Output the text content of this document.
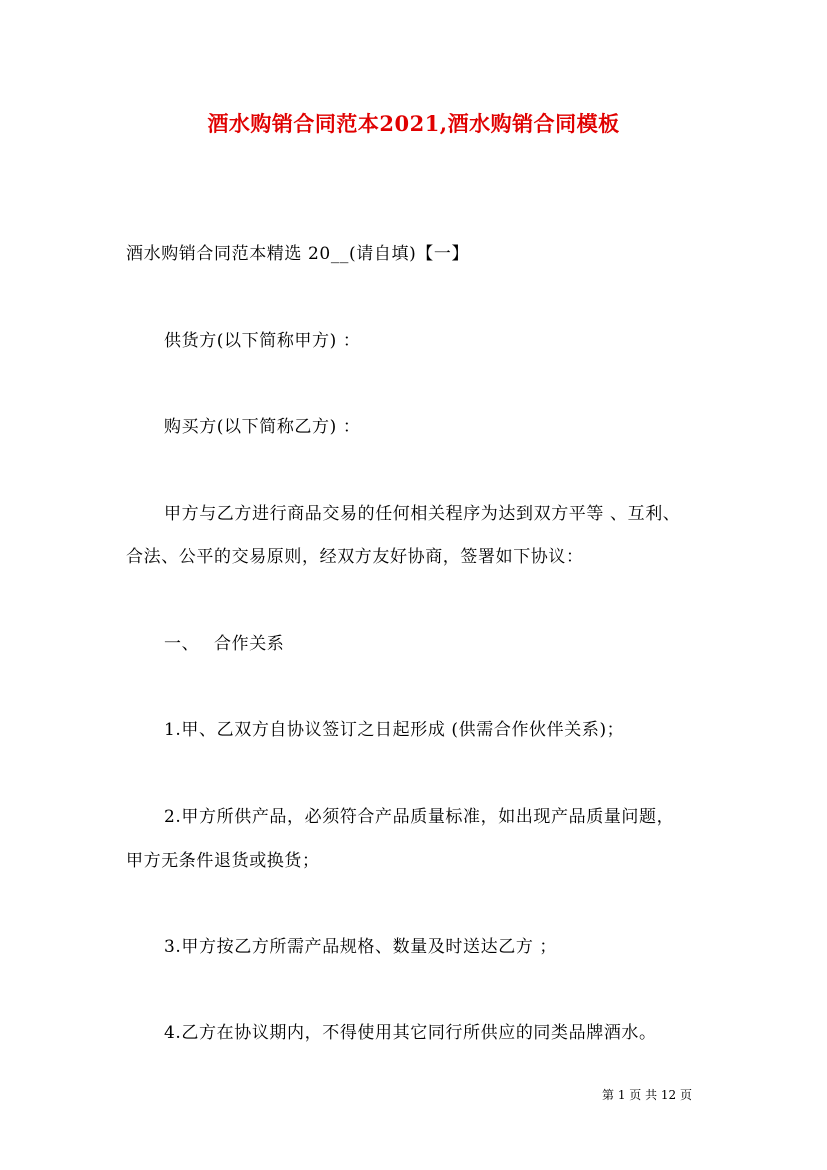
酒水购销合同范本2021,酒水购销合同模板
酒水购销合同范本精选 20__(请自填)【一】
供货方(以下简称甲方) ：
购买方(以下简称乙方) ：
甲方与乙方进行商品交易的任何相关程序为达到双方平等 、互利、
合法、公平的交易原则，经双方友好协商，签署如下协议：
一、 合作关系
1.甲、乙双方自协议签订之日起形成 (供需合作伙伴关系)；
2.甲方所供产品，必须符合产品质量标准，如出现产品质量问题，
甲方无条件退货或换货；
3.甲方按乙方所需产品规格、数量及时送达乙方 ；
4.乙方在协议期内，不得使用其它同行所供应的同类品牌酒水。
第 1 页 共 12 页
